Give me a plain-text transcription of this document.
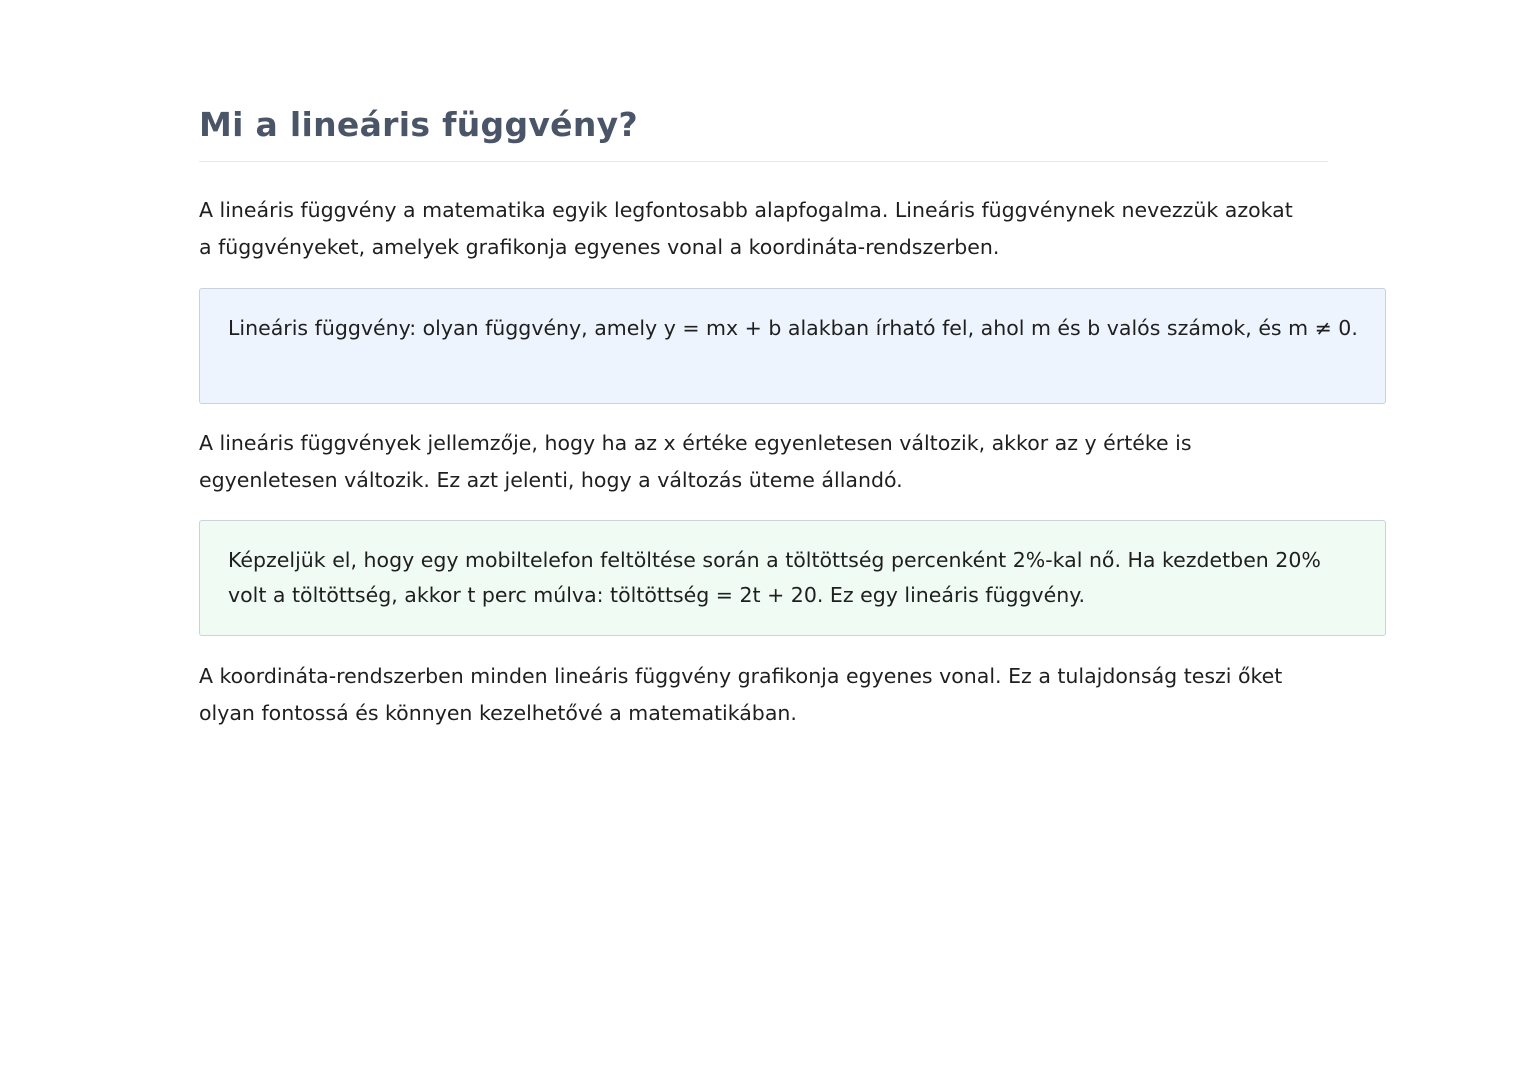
Mi a lineáris függvény?

A lineáris függvény a matematika egyik legfontosabb alapfogalma. Lineáris függvénynek nevezzük azokat a függvényeket, amelyek grafikonja egyenes vonal a koordináta-rendszerben.

Lineáris függvény: olyan függvény, amely y = mx + b alakban írható fel, ahol m és b valós számok, és m ≠ 0.

A lineáris függvények jellemzője, hogy ha az x értéke egyenletesen változik, akkor az y értéke is egyenletesen változik. Ez azt jelenti, hogy a változás üteme állandó.

Képzeljük el, hogy egy mobiltelefon feltöltése során a töltöttség percenként 2%-kal nő. Ha kezdetben 20% volt a töltöttség, akkor t perc múlva: töltöttség = 2t + 20. Ez egy lineáris függvény.

A koordináta-rendszerben minden lineáris függvény grafikonja egyenes vonal. Ez a tulajdonság teszi őket olyan fontossá és könnyen kezelhetővé a matematikában.
